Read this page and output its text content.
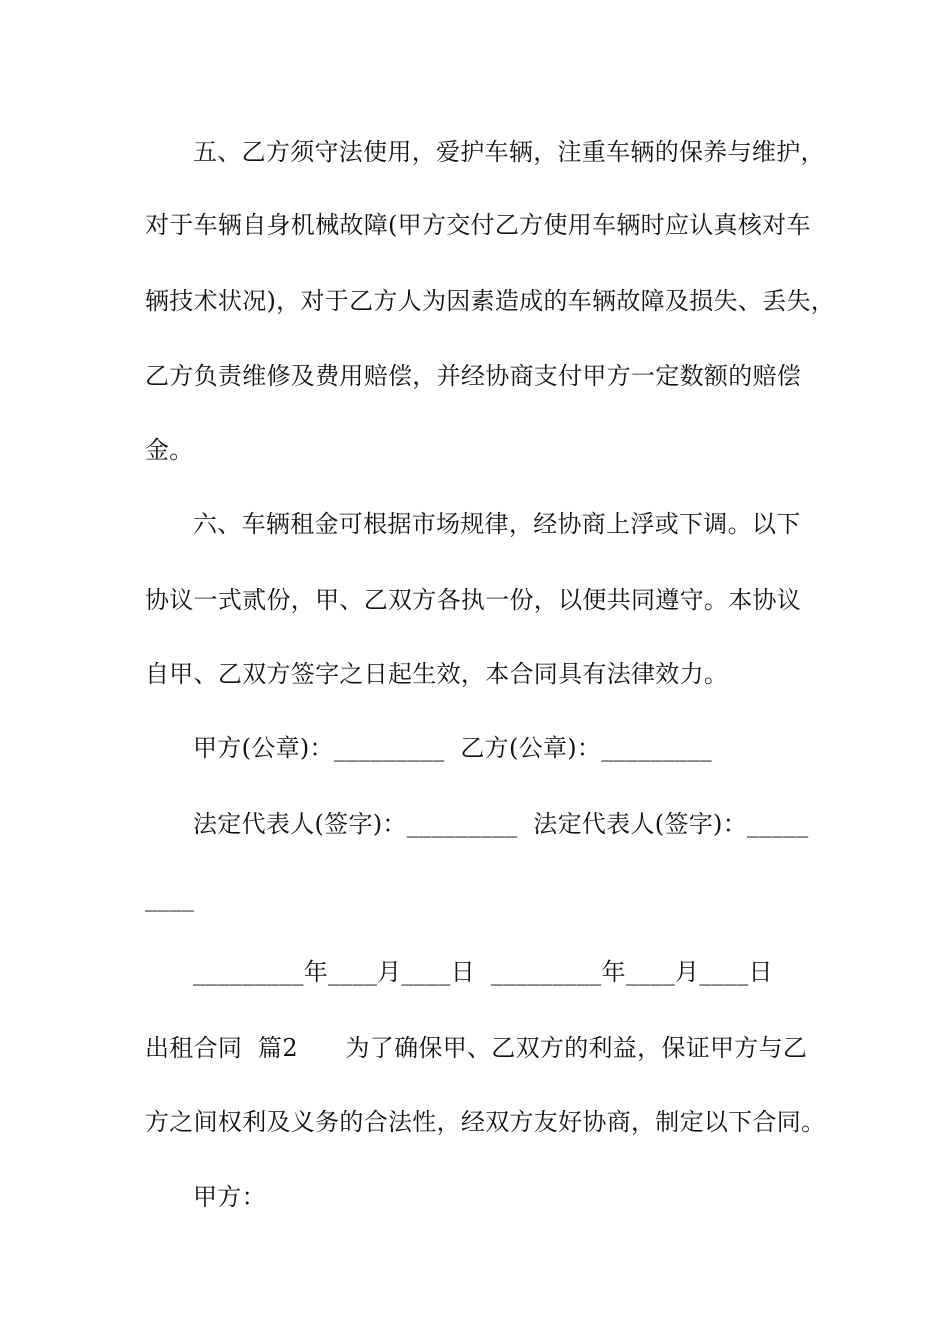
五、乙方须守法使用，爱护车辆，注重车辆的保养与维护，
对于车辆自身机械故障(甲方交付乙方使用车辆时应认真核对车
辆技术状况)，对于乙方人为因素造成的车辆故障及损失、丢失，
乙方负责维修及费用赔偿，并经协商支付甲方一定数额的赔偿
金。
六、车辆租金可根据市场规律，经协商上浮或下调。以下
协议一式贰份，甲、乙双方各执一份，以便共同遵守。本协议
自甲、乙双方签字之日起生效，本合同具有法律效力。
甲方(公章)：_________  乙方(公章)：_________
法定代表人(签字)：_________  法定代表人(签字)：_____
____
_________年____月____日  _________年____月____日
出租合同  篇2      为了确保甲、乙双方的利益，保证甲方与乙
方之间权利及义务的合法性，经双方友好协商，制定以下合同。
甲方：
